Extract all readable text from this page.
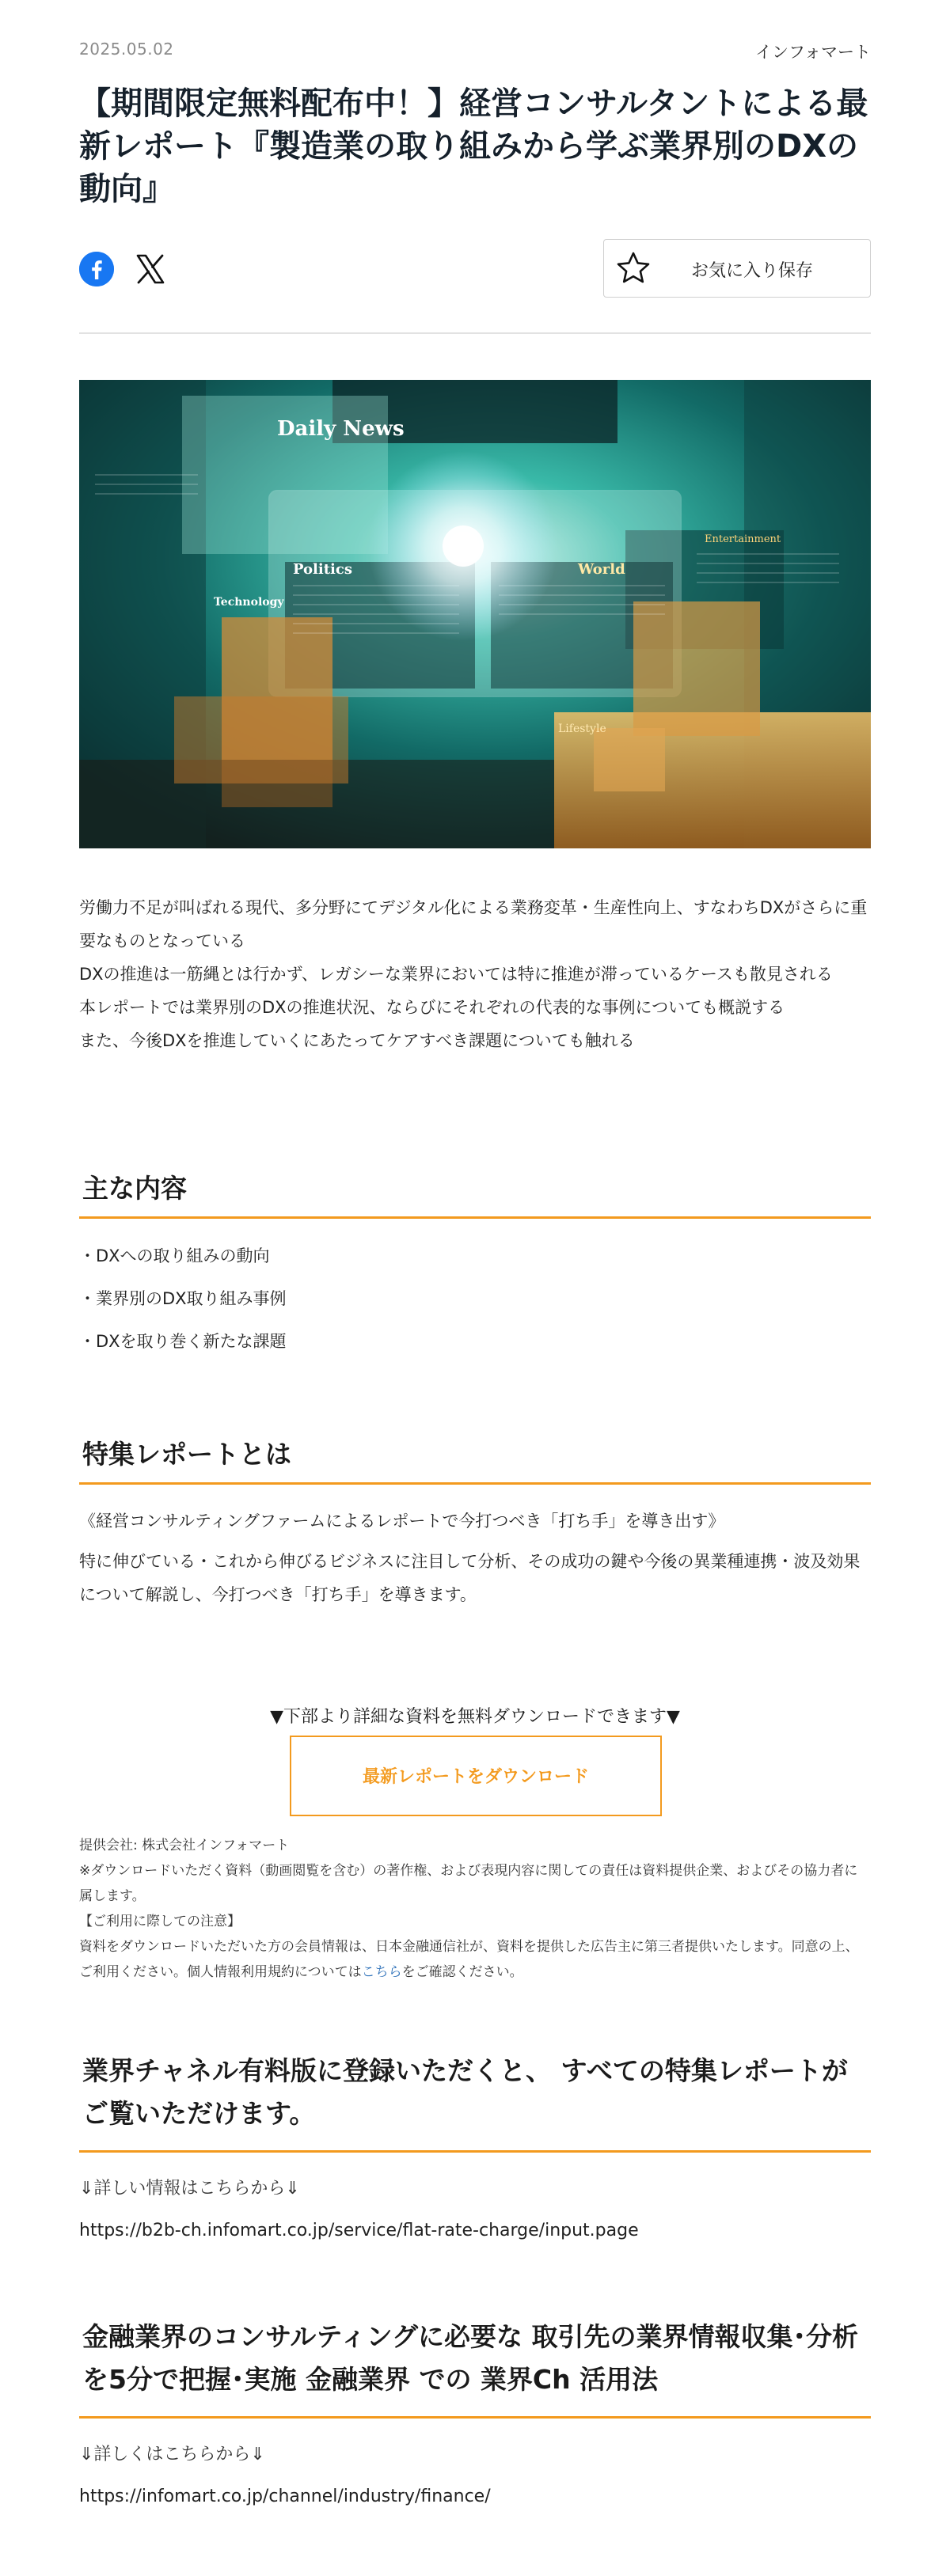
2025.05.02	インフォマート
【期間限定無料配布中！】経営コンサルタントによる最新レポート『製造業の取り組みから学ぶ業界別のDXの動向』
お気に入り保存
Daily News
Politics
Technology
World
Entertainment
Lifestyle

労働力不足が叫ばれる現代、多分野にてデジタル化による業務変革・生産性向上、すなわちDXがさらに重要なものとなっている

DXの推進は一筋縄とは行かず、レガシーな業界においては特に推進が滞っているケースも散見される

本レポートでは業界別のDXの推進状況、ならびにそれぞれの代表的な事例についても概説する

また、今後DXを推進していくにあたってケアすべき課題についても触れる

主な内容
・DXへの取り組みの動向
・業界別のDX取り組み事例
・DXを取り巻く新たな課題
特集レポートとは

《経営コンサルティングファームによるレポートで今打つべき「打ち手」を導き出す》

特に伸びている・これから伸びるビジネスに注目して分析、その成功の鍵や今後の異業種連携・波及効果について解説し、今打つべき「打ち手」を導きます。

▼下部より詳細な資料を無料ダウンロードできます▼

最新レポートをダウンロード
提供会社: 株式会社インフォマート
※ダウンロードいただく資料（動画閲覧を含む）の著作権、および表現内容に関しての責任は資料提供企業、およびその協力者に属します。
【ご利用に際しての注意】
資料をダウンロードいただいた方の会員情報は、日本金融通信社が、資料を提供した広告主に第三者提供いたします。同意の上、ご利用ください。個人情報利用規約についてはこちらをご確認ください。
業界チャネル有料版に登録いただくと、 すべての特集レポートがご覧いただけます。

⇓詳しい情報はこちらから⇓

https://b2b-ch.infomart.co.jp/service/flat-rate-charge/input.page
金融業界のコンサルティングに必要な 取引先の業界情報収集･分析を5分で把握･実施 金融業界 での 業界Ch 活用法

⇓詳しくはこちらから⇓

https://infomart.co.jp/channel/industry/finance/
